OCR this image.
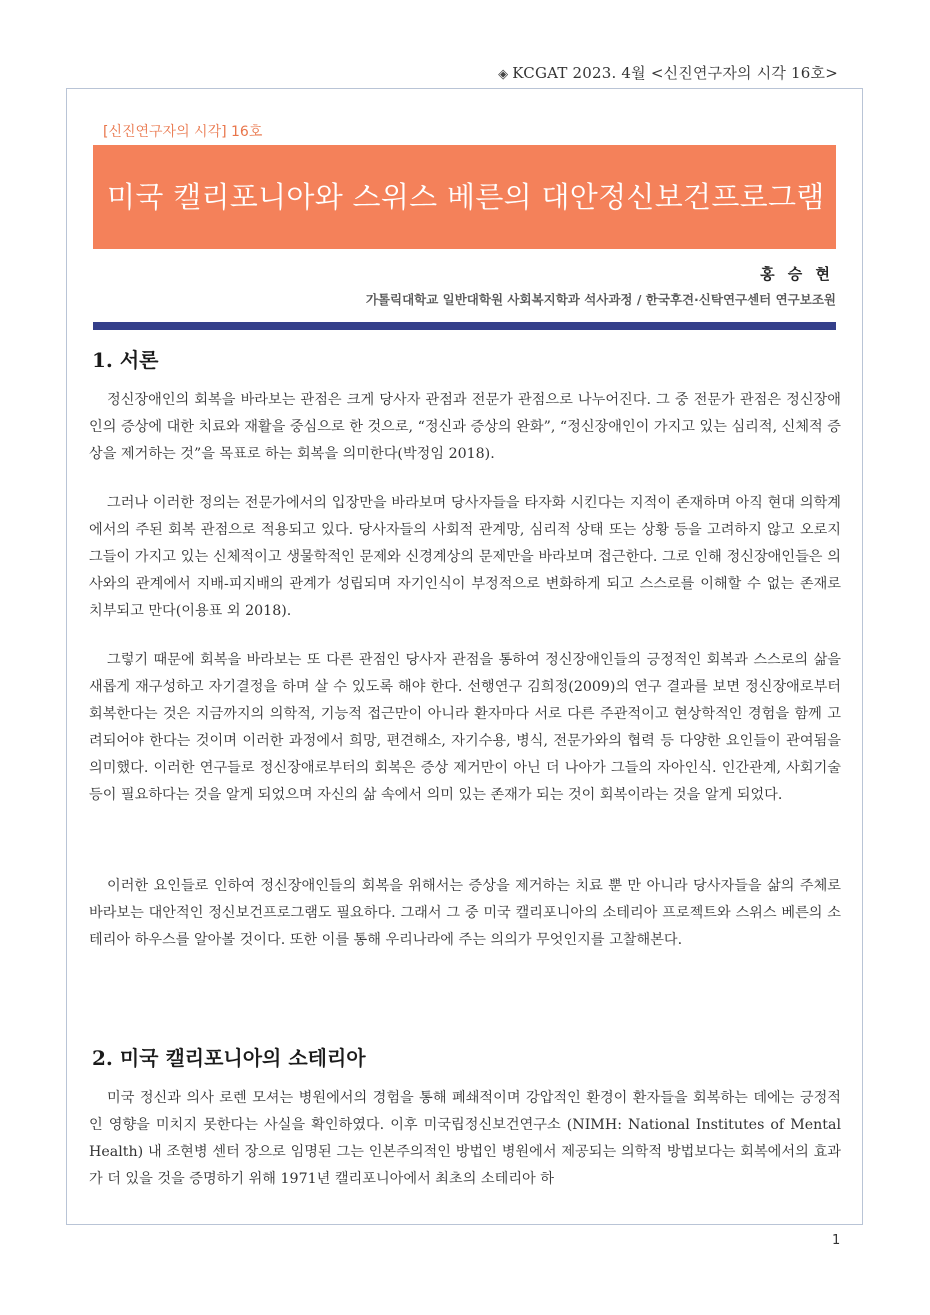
◈ KCGAT 2023. 4월 <신진연구자의 시각 16호>
[신진연구자의 시각] 16호
미국 캘리포니아와 스위스 베른의 대안정신보건프로그램
홍 승 현
가톨릭대학교 일반대학원 사회복지학과 석사과정 / 한국후견·신탁연구센터 연구보조원
1. 서론

정신장애인의 회복을 바라보는 관점은 크게 당사자 관점과 전문가 관점으로 나누어진다. 그 중 전문가 관점은 정신장애인의 증상에 대한 치료와 재활을 중심으로 한 것으로, “정신과 증상의 완화”, “정신장애인이 가지고 있는 심리적, 신체적 증상을 제거하는 것”을 목표로 하는 회복을 의미한다(박정임 2018).

그러나 이러한 정의는 전문가에서의 입장만을 바라보며 당사자들을 타자화 시킨다는 지적이 존재하며 아직 현대 의학계에서의 주된 회복 관점으로 적용되고 있다. 당사자들의 사회적 관계망, 심리적 상태 또는 상황 등을 고려하지 않고 오로지 그들이 가지고 있는 신체적이고 생물학적인 문제와 신경계상의 문제만을 바라보며 접근한다. 그로 인해 정신장애인들은 의사와의 관계에서 지배-피지배의 관계가 성립되며 자기인식이 부정적으로 변화하게 되고 스스로를 이해할 수 없는 존재로 치부되고 만다(이용표 외 2018).

그렇기 때문에 회복을 바라보는 또 다른 관점인 당사자 관점을 통하여 정신장애인들의 긍정적인 회복과 스스로의 삶을 새롭게 재구성하고 자기결정을 하며 살 수 있도록 해야 한다. 선행연구 김희정(2009)의 연구 결과를 보면 정신장애로부터 회복한다는 것은 지금까지의 의학적, 기능적 접근만이 아니라 환자마다 서로 다른 주관적이고 현상학적인 경험을 함께 고려되어야 한다는 것이며 이러한 과정에서 희망, 편견해소, 자기수용, 병식, 전문가와의 협력 등 다양한 요인들이 관여됨을 의미했다. 이러한 연구들로 정신장애로부터의 회복은 증상 제거만이 아닌 더 나아가 그들의 자아인식. 인간관계, 사회기술 등이 필요하다는 것을 알게 되었으며 자신의 삶 속에서 의미 있는 존재가 되는 것이 회복이라는 것을 알게 되었다.

이러한 요인들로 인하여 정신장애인들의 회복을 위해서는 증상을 제거하는 치료 뿐 만 아니라 당사자들을 삶의 주체로 바라보는 대안적인 정신보건프로그램도 필요하다. 그래서 그 중 미국 캘리포니아의 소테리아 프로젝트와 스위스 베른의 소테리아 하우스를 알아볼 것이다. 또한 이를 통해 우리나라에 주는 의의가 무엇인지를 고찰해본다.

2. 미국 캘리포니아의 소테리아

미국 정신과 의사 로렌 모셔는 병원에서의 경험을 통해 폐쇄적이며 강압적인 환경이 환자들을 회복하는 데에는 긍정적인 영향을 미치지 못한다는 사실을 확인하였다. 이후 미국립정신보건연구소 (NIMH: National Institutes of Mental Health) 내 조현병 센터 장으로 임명된 그는 인본주의적인 방법인 병원에서 제공되는 의학적 방법보다는 회복에서의 효과가 더 있을 것을 증명하기 위해 1971년 캘리포니아에서 최초의 소테리아 하

1
